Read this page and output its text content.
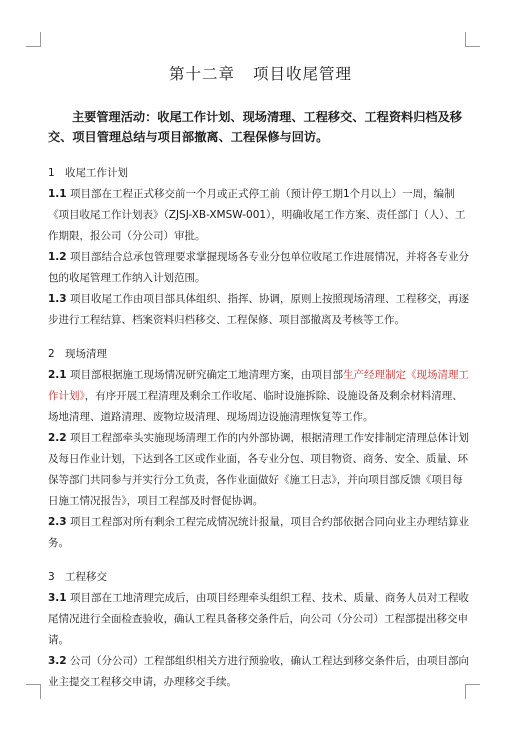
第十二章 项目收尾管理

主要管理活动：收尾工作计划、现场清理、工程移交、工程资料归档及移交、项目管理总结与项目部撤离、工程保修与回访。

1 收尾工作计划

1.1 项目部在工程正式移交前一个月或正式停工前（预计停工期1个月以上）一周，编制《项目收尾工作计划表》（ZJSJ-XB-XMSW-001），明确收尾工作方案、责任部门（人）、工作期限，报公司（分公司）审批。

1.2 项目部结合总承包管理要求掌握现场各专业分包单位收尾工作进展情况，并将各专业分包的收尾管理工作纳入计划范围。

1.3 项目收尾工作由项目部具体组织、指挥、协调，原则上按照现场清理、工程移交，再逐步进行工程结算、档案资料归档移交、工程保修、项目部撤离及考核等工作。

2 现场清理

2.1 项目部根据施工现场情况研究确定工地清理方案，由项目部生产经理制定《现场清理工作计划》，有序开展工程清理及剩余工作收尾、临时设施拆除、设施设备及剩余材料清理、场地清理、道路清理、废物垃圾清理、现场周边设施清理恢复等工作。

2.2 项目工程部牵头实施现场清理工作的内外部协调，根据清理工作安排制定清理总体计划及每日作业计划，下达到各工区或作业面，各专业分包、项目物资、商务、安全、质量、环保等部门共同参与并实行分工负责，各作业面做好《施工日志》，并向项目部反馈《项目每日施工情况报告》，项目工程部及时督促协调。

2.3 项目工程部对所有剩余工程完成情况统计报量，项目合约部依据合同向业主办理结算业务。

3 工程移交

3.1 项目部在工地清理完成后，由项目经理牵头组织工程、技术、质量、商务人员对工程收尾情况进行全面检查验收，确认工程具备移交条件后，向公司（分公司）工程部提出移交申请。

3.2 公司（分公司）工程部组织相关方进行预验收，确认工程达到移交条件后，由项目部向业主提交工程移交申请，办理移交手续。
